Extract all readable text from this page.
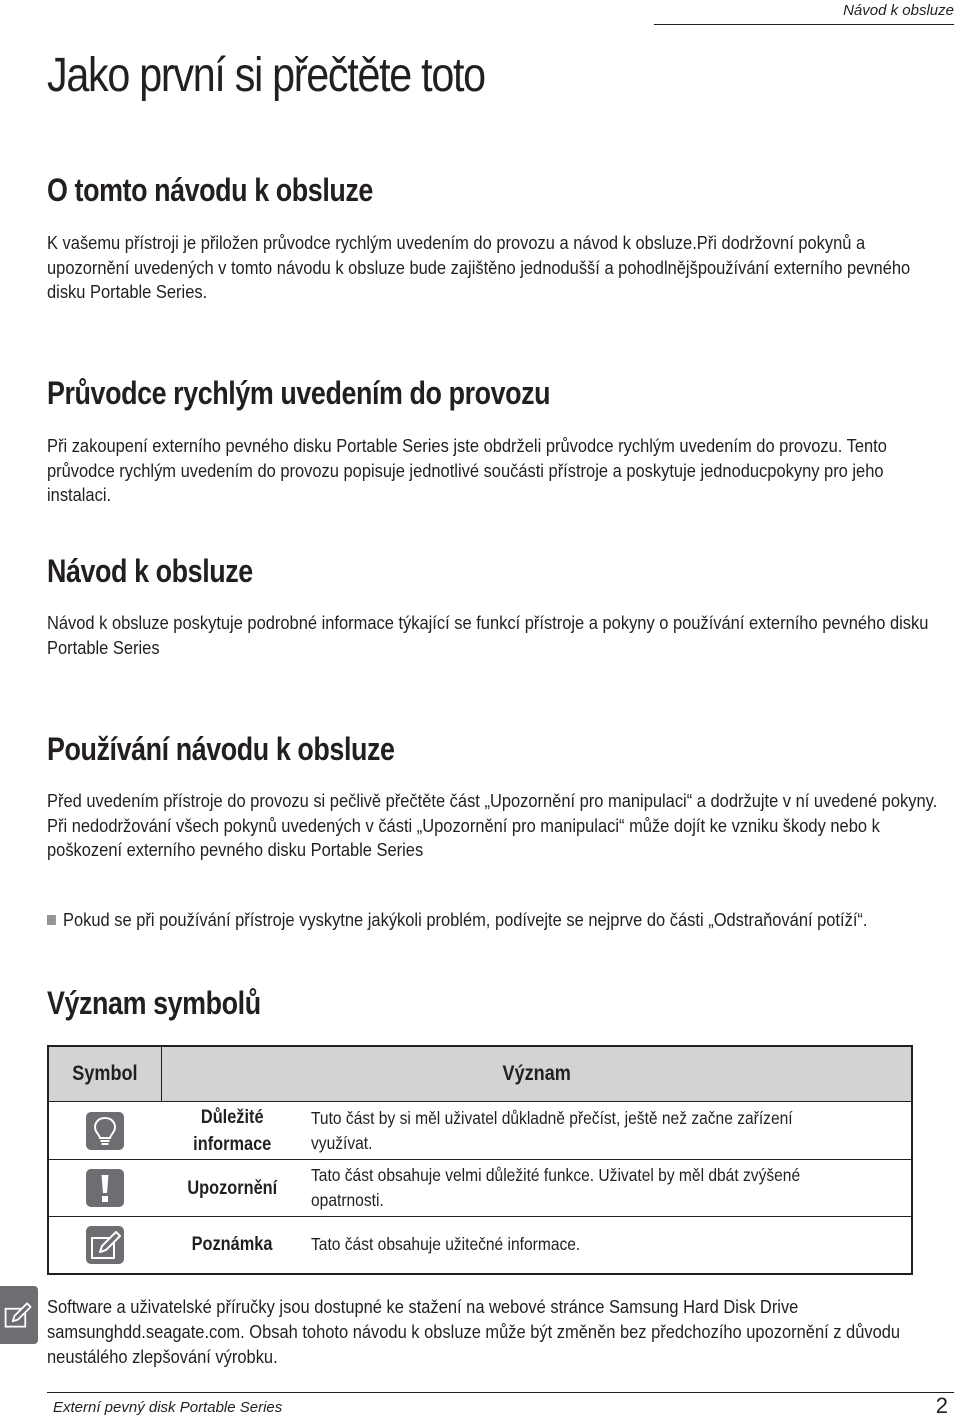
Návod k obsluze
Jako první si přečtěte toto
O tomto návodu k obsluze

K vašemu přístroji je přiložen průvodce rychlým uvedením do provozu a návod k obsluze.Při dodržovní pokynů a upozornění uvedených v tomto návodu k obsluze bude zajištěno jednodušší a pohodlnějšpoužívání externího pevného disku Portable Series.

Průvodce rychlým uvedením do provozu

Při zakoupení externího pevného disku Portable Series jste obdrželi průvodce rychlým uvedením do provozu. Tento průvodce rychlým uvedením do provozu popisuje jednotlivé součásti přístroje a poskytuje jednoducpokyny pro jeho instalaci.

Návod k obsluze

Návod k obsluze poskytuje podrobné informace týkající se funkcí přístroje a pokyny o používání externího pevného disku Portable Series

Používání návodu k obsluze

Před uvedením přístroje do provozu si pečlivě přečtěte část „Upozornění pro manipulaci“ a dodržujte v ní uvedené pokyny. Při nedodržování všech pokynů uvedených v části „Upozornění pro manipulaci“ může dojít ke vzniku škody nebo k poškození externího pevného disku Portable Series

Pokud se při používání přístroje vyskytne jakýkoli problém, podívejte se nejprve do části „Odstraňování potíží“.
Význam symbolů
Symbol	Význam	

	Důležité informace	Tuto část by si měl uživatel důkladně přečíst, ještě než začne zařízení využívat.

	Upozornění	Tato část obsahuje velmi důležité funkce. Uživatel by měl dbát zvýšené opatrnosti.

	Poznámka	Tato část obsahuje užitečné informace.

Software a uživatelské příručky jsou dostupné ke stažení na webové stránce Samsung Hard Disk Drive samsunghdd.seagate.com. Obsah tohoto návodu k obsluze může být změněn bez předchozího upozornění z důvodu neustálého zlepšování výrobku.

Externí pevný disk Portable Series	2
